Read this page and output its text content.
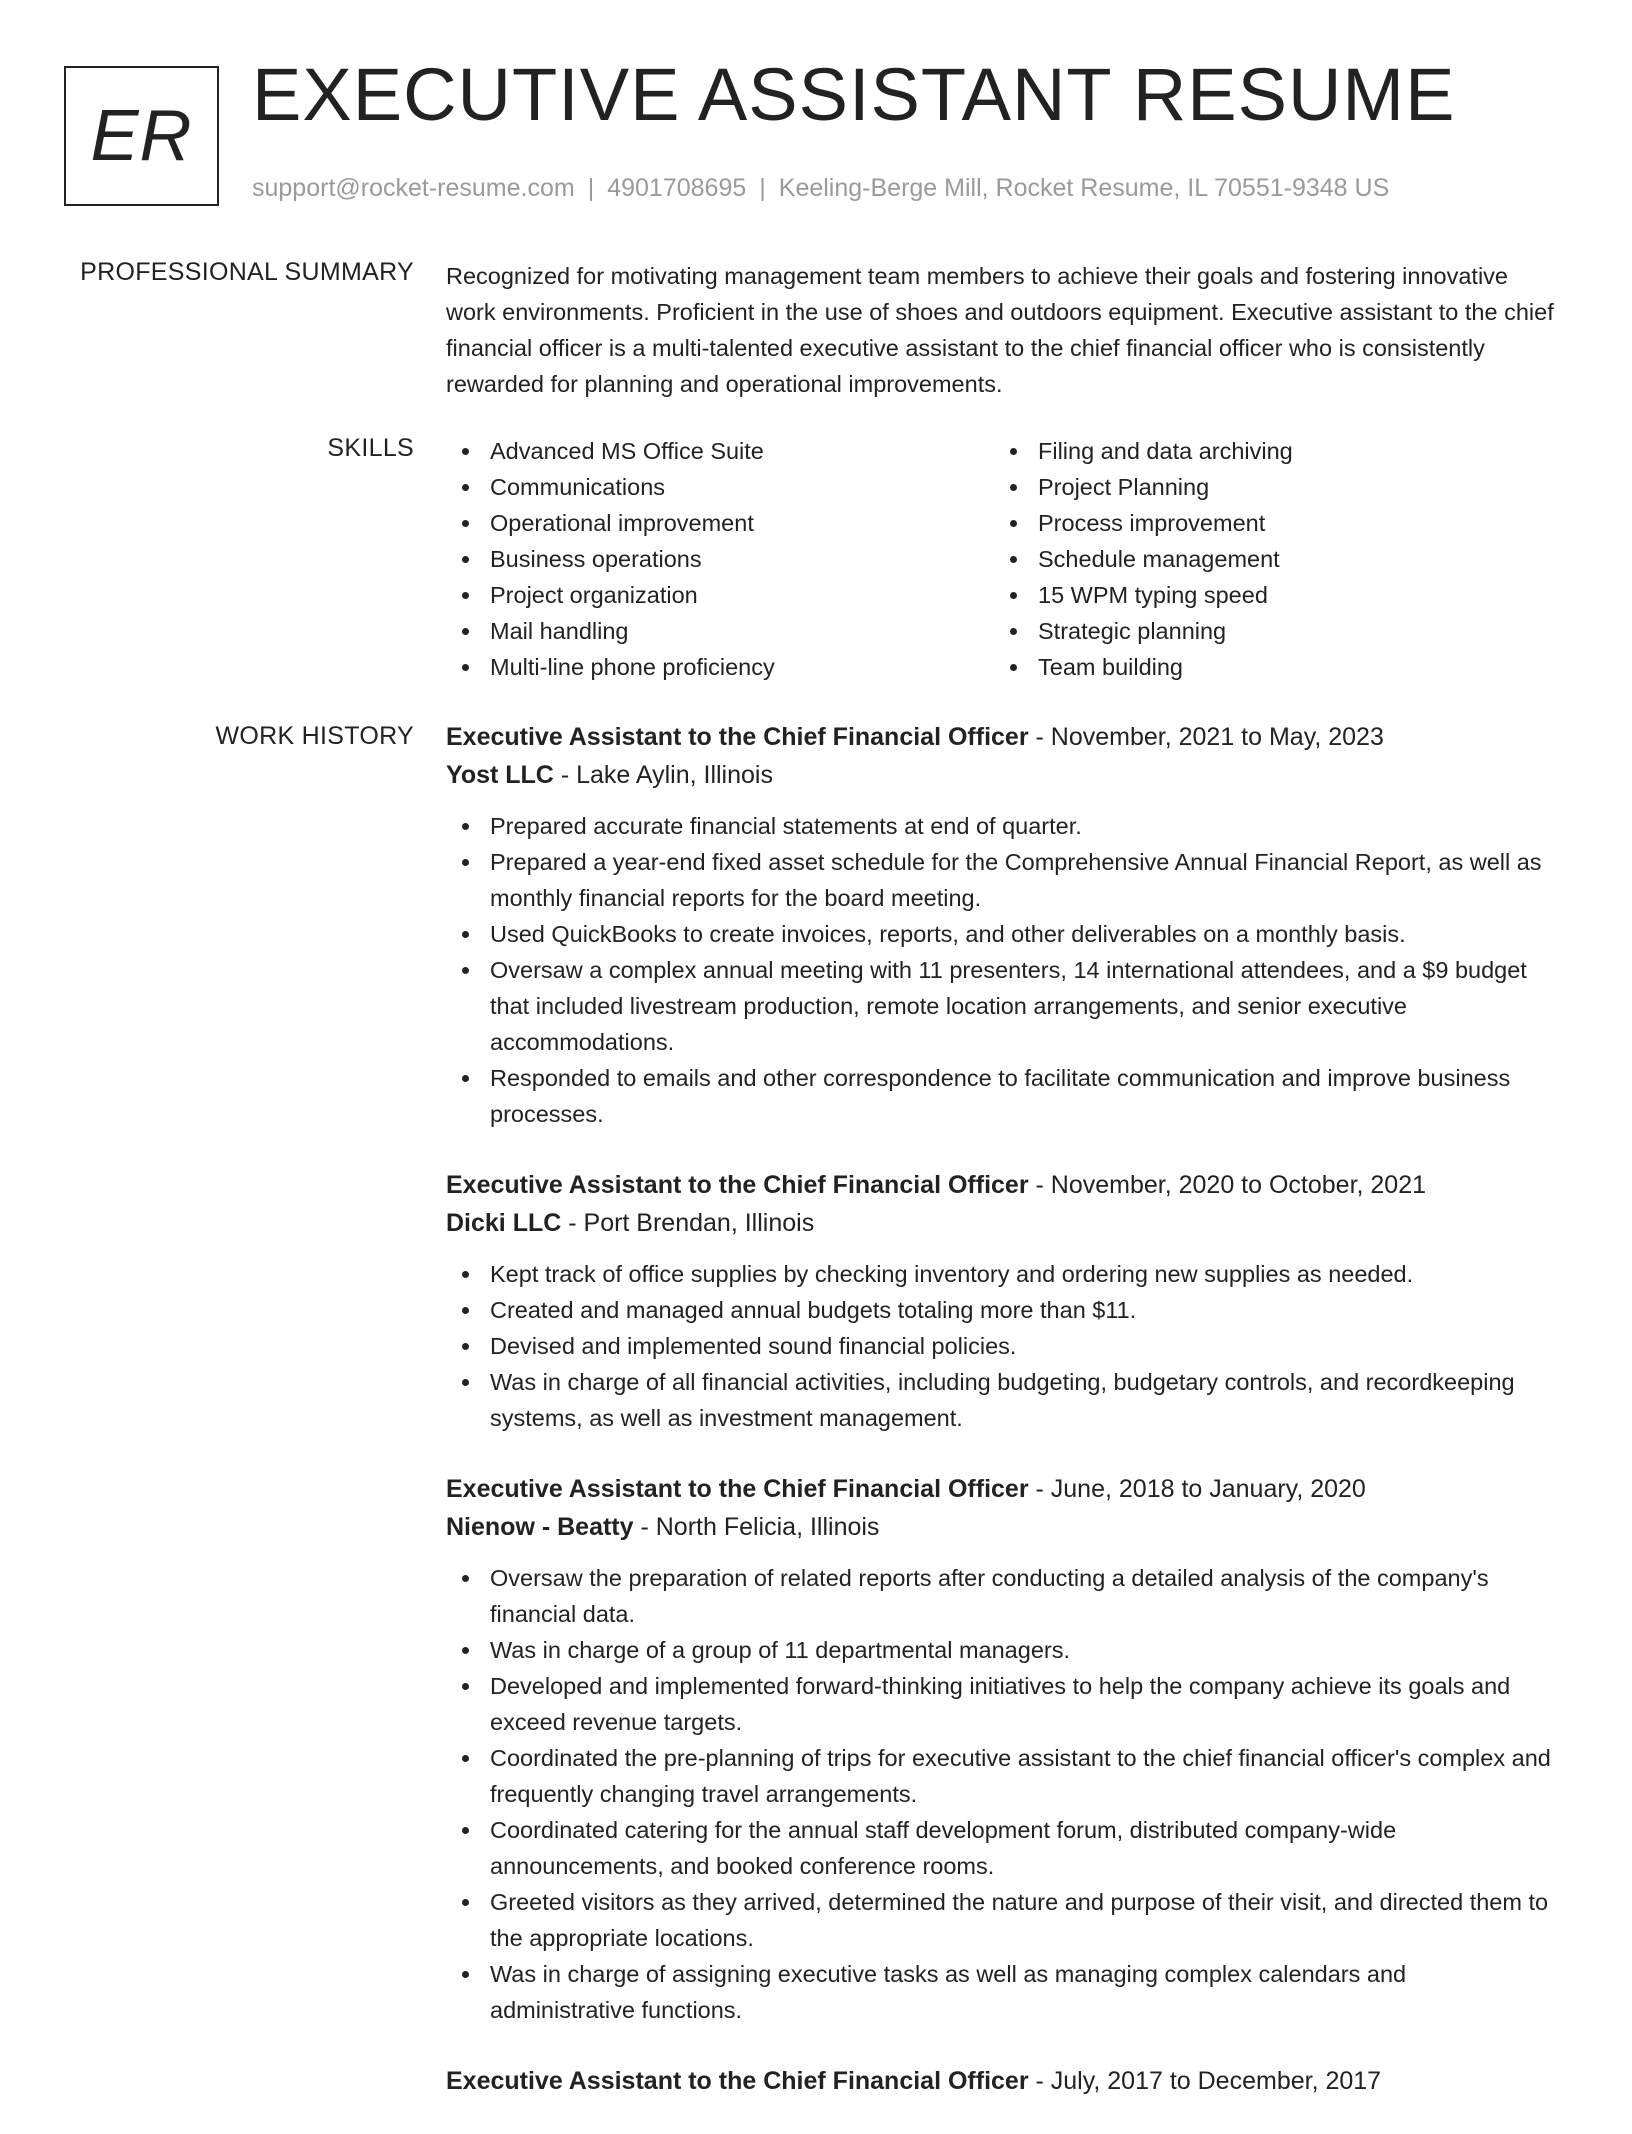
ER EXECUTIVE ASSISTANT RESUME
support@rocket-resume.com | 4901708695 | Keeling-Berge Mill, Rocket Resume, IL 70551-9348 US
PROFESSIONAL SUMMARY Recognized for motivating management team members to achieve their goals and fostering innovative work environments. Proficient in the use of shoes and outdoors equipment. Executive assistant to the chief financial officer is a multi-talented executive assistant to the chief financial officer who is consistently rewarded for planning and operational improvements.

SKILLS	Advanced MS Office Suite
Communications
Operational improvement
Business operations
Project organization
Mail handling
Multi-line phone proficiency
Filing and data archiving
Project Planning
Process improvement
Schedule management
15 WPM typing speed
Strategic planning
Team building
WORK HISTORY Executive Assistant to the Chief Financial Officer - November, 2021 to May, 2023
Yost LLC - Lake Aylin, Illinois
Prepared accurate financial statements at end of quarter.
Prepared a year-end fixed asset schedule for the Comprehensive Annual Financial Report, as well as monthly financial reports for the board meeting.
Used QuickBooks to create invoices, reports, and other deliverables on a monthly basis.
Oversaw a complex annual meeting with 11 presenters, 14 international attendees, and a $9 budget that included livestream production, remote location arrangements, and senior executive accommodations.
Responded to emails and other correspondence to facilitate communication and improve business processes.
Executive Assistant to the Chief Financial Officer - November, 2020 to October, 2021
Dicki LLC - Port Brendan, Illinois
Kept track of office supplies by checking inventory and ordering new supplies as needed.
Created and managed annual budgets totaling more than $11.
Devised and implemented sound financial policies.
Was in charge of all financial activities, including budgeting, budgetary controls, and recordkeeping systems, as well as investment management.
Executive Assistant to the Chief Financial Officer - June, 2018 to January, 2020
Nienow - Beatty - North Felicia, Illinois
Oversaw the preparation of related reports after conducting a detailed analysis of the company's financial data.
Was in charge of a group of 11 departmental managers.
Developed and implemented forward-thinking initiatives to help the company achieve its goals and exceed revenue targets.
Coordinated the pre-planning of trips for executive assistant to the chief financial officer's complex and frequently changing travel arrangements.
Coordinated catering for the annual staff development forum, distributed company-wide announcements, and booked conference rooms.
Greeted visitors as they arrived, determined the nature and purpose of their visit, and directed them to the appropriate locations.
Was in charge of assigning executive tasks as well as managing complex calendars and administrative functions.
Executive Assistant to the Chief Financial Officer - July, 2017 to December, 2017
